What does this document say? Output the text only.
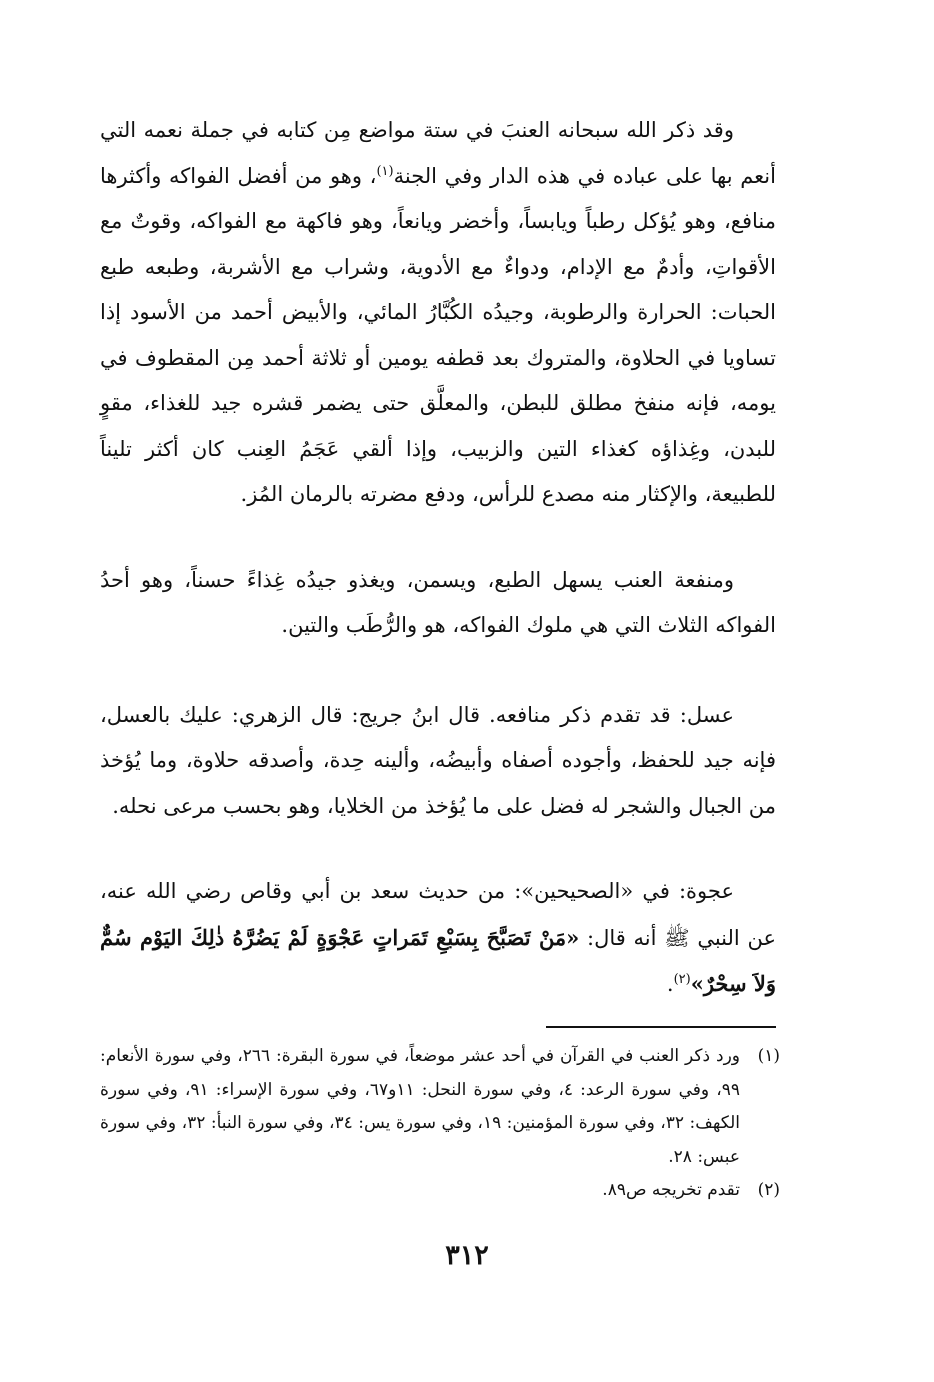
وقد ذكر الله سبحانه العنبَ في ستة مواضع مِن كتابه في جملة نعمه التي أنعم بها على عباده في هذه الدار وفي الجنة$^{(١)}$، وهو من أفضل الفواكه وأكثرها منافع، وهو يُؤكل رطباً ويابساً، وأخضر ويانعاً، وهو فاكهة مع الفواكه، وقوتٌ مع الأقواتِ، وأدمٌ مع الإدام، ودواءٌ مع الأدوية، وشراب مع الأشربة، وطبعه طبع الحبات: الحرارة والرطوبة، وجيدُه الكُبَّارُ المائي، والأبيض أحمد من الأسود إذا تساويا في الحلاوة، والمتروك بعد قطفه يومين أو ثلاثة أحمد مِن المقطوف في يومه، فإنه منفخ مطلق للبطن، والمعلَّق حتى يضمر قشره جيد للغذاء، مقوٍ للبدن، وغِذاؤه كغذاء التين والزبيب، وإذا ألقي عَجَمُ العِنب كان أكثر تليناً للطبيعة، والإكثار منه مصدع للرأس، ودفع مضرته بالرمان المُز.

ومنفعة العنب يسهل الطبع، ويسمن، ويغذو جيدُه غِذاءً حسناً، وهو أحدُ الفواكه الثلاث التي هي ملوك الفواكه، هو والرُّطَب والتين.

عسل: قد تقدم ذكر منافعه. قال ابنُ جريج: قال الزهري: عليك بالعسل، فإنه جيد للحفظ، وأجوده أصفاه وأبيضُه، وألينه حِدة، وأصدقه حلاوة، وما يُؤخذ من الجبال والشجر له فضل على ما يُؤخذ من الخلايا، وهو بحسب مرعى نحله.

عجوة: في «الصحيحين»: من حديث سعد بن أبي وقاص رضي الله عنه، عن النبي ﷺ أنه قال: «مَنْ تَصَبَّحَ بِسَبْعِ تَمَراتٍ عَجْوَةٍ لَمْ يَضُرَّهُ ذٰلِكَ اليَوْم سُمٌّ وَلاَ سِحْرٌ»$^{(٢)}$.

(١)
ورد ذكر العنب في القرآن في أحد عشر موضعاً، في سورة البقرة: ٢٦٦، وفي سورة الأنعام: ٩٩، وفي سورة الرعد: ٤، وفي سورة النحل: ١١و٦٧، وفي سورة الإسراء: ٩١، وفي سورة الكهف: ٣٢، وفي سورة المؤمنين: ١٩، وفي سورة يس: ٣٤، وفي سورة النبأ: ٣٢، وفي سورة عبس: ٢٨.
(٢)
تقدم تخريجه ص٨٩.
٣١٢
